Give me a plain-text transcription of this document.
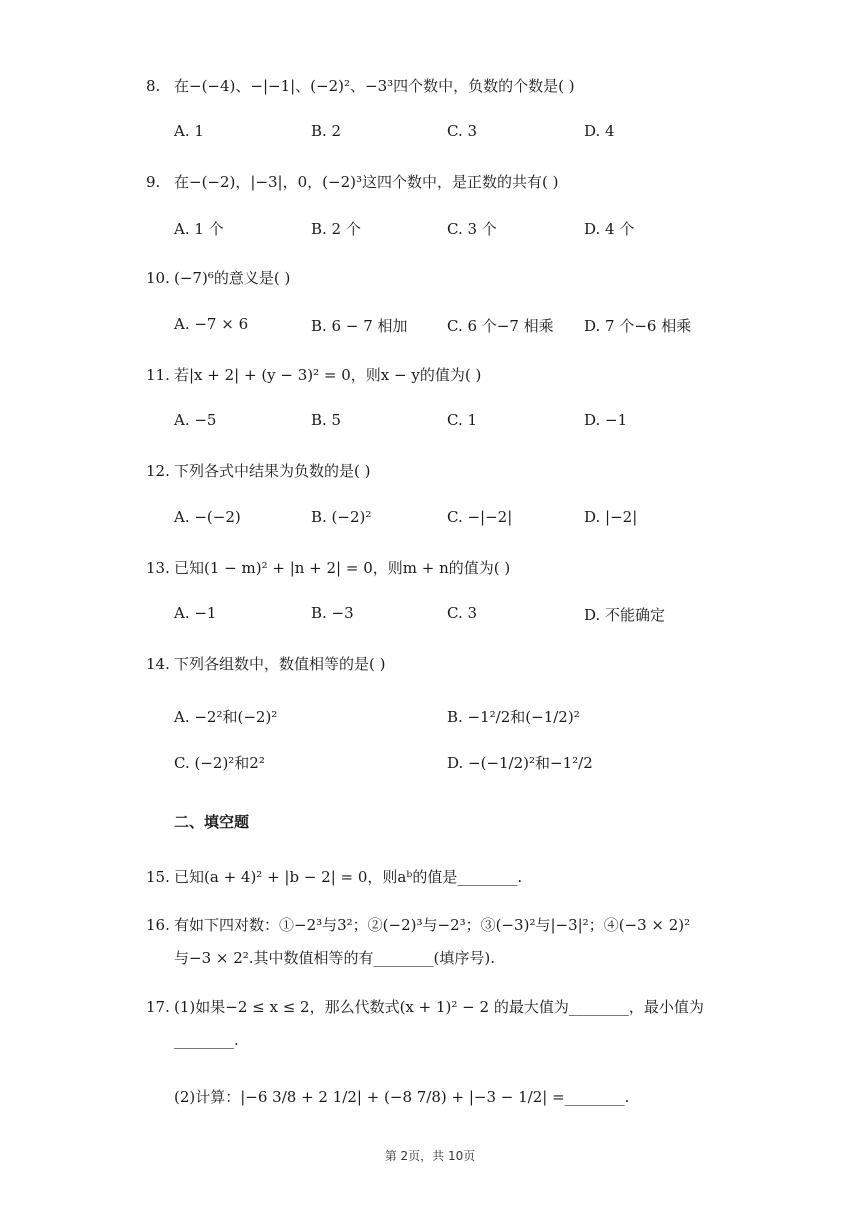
8. 在−(−4)、−|−1|、(−2)²、−3³四个数中，负数的个数是( )
A. 1	B. 2	C. 3	D. 4
9. 在−(−2)，|−3|，0，(−2)³这四个数中，是正数的共有( )
A. 1 个	B. 2 个	C. 3 个	D. 4 个
10. (−7)⁶的意义是( )
A. −7 × 6	B. 6 − 7 相加	C. 6 个−7 相乘 D. 7 个−6 相乘
11. 若|x + 2| + (y − 3)² = 0，则x − y的值为( )
A. −5	B. 5	C. 1	D. −1
12. 下列各式中结果为负数的是( )
A. −(−2)	B. (−2)²	C. −|−2|	D. |−2|
13. 已知(1 − m)² + |n + 2| = 0，则m + n的值为( )
A. −1	B. −3	C. 3	D. 不能确定
14. 下列各组数中，数值相等的是( )
A. −2²和(−2)²	B. −1²/2和(−1/2)²
C. (−2)²和2²	D. −(−1/2)²和−1²/2
二、填空题
15. 已知(a + 4)² + |b − 2| = 0，则aᵇ的值是________.
16. 有如下四对数：①−2³与3²；②(−2)³与−2³；③(−3)²与|−3|²；④(−3 × 2)²
与−3 × 2².其中数值相等的有________(填序号).
17. (1)如果−2 ≤ x ≤ 2，那么代数式(x + 1)² − 2 的最大值为________，最小值为
________.
(2)计算：|−6 3/8 + 2 1/2| + (−8 7/8) + |−3 − 1/2| =________.
第 2页，共 10页
